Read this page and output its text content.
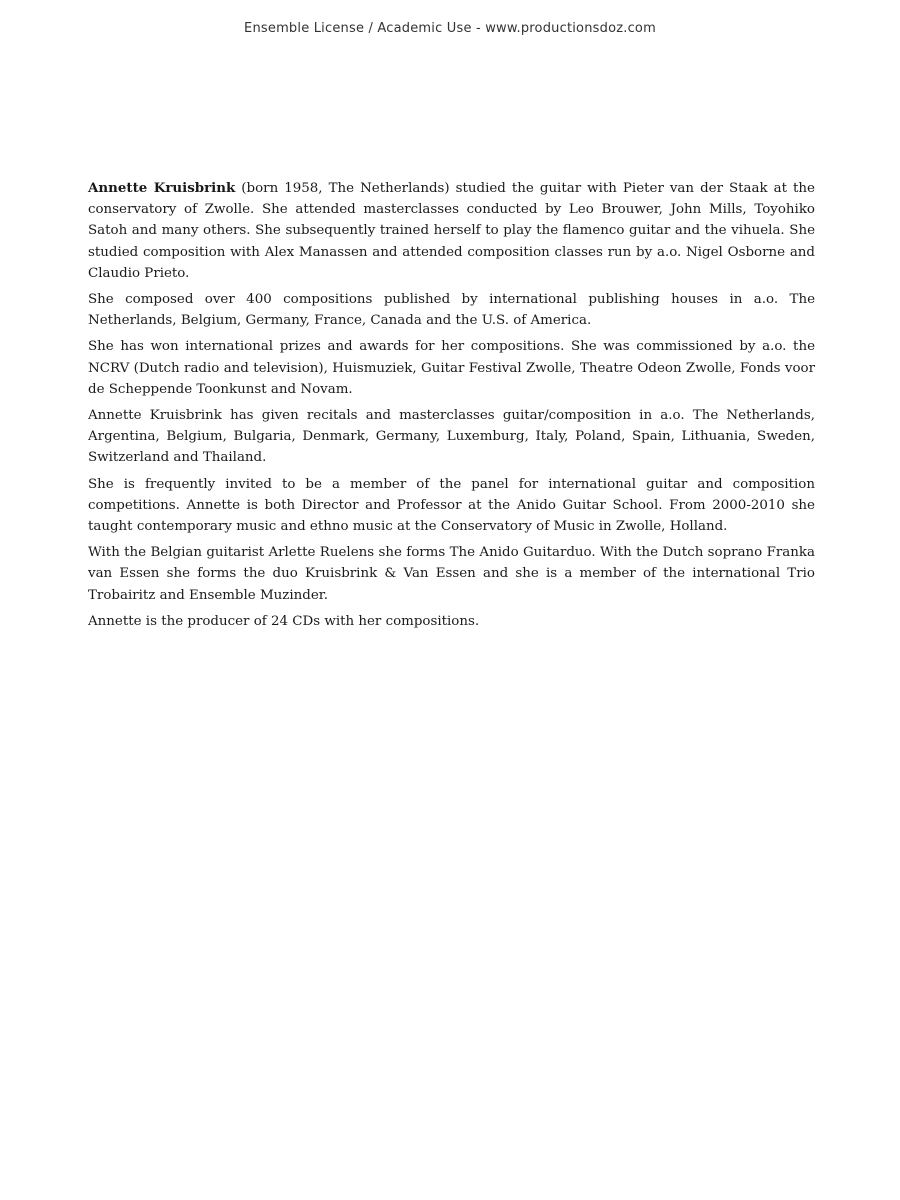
Ensemble License / Academic Use - www.productionsdoz.com

Annette Kruisbrink (born 1958, The Netherlands) studied the guitar with Pieter van der Staak at the conservatory of Zwolle. She attended masterclasses conducted by Leo Brouwer, John Mills, Toyohiko Satoh and many others. She subsequently trained herself to play the flamenco guitar and the vihuela. She studied composition with Alex Manassen and attended composition classes run by a.o. Nigel Osborne and Claudio Prieto.

She composed over 400 compositions published by international publishing houses in a.o. The Netherlands, Belgium, Germany, France, Canada and the U.S. of America.

She has won international prizes and awards for her compositions. She was commissioned by a.o. the NCRV (Dutch radio and television), Huismuziek, Guitar Festival Zwolle, Theatre Odeon Zwolle, Fonds voor de Scheppende Toonkunst and Novam.

Annette Kruisbrink has given recitals and masterclasses guitar/composition in a.o. The Netherlands, Argentina, Belgium, Bulgaria, Denmark, Germany, Luxemburg, Italy, Poland, Spain, Lithuania, Sweden, Switzerland and Thailand.

She is frequently invited to be a member of the panel for international guitar and composition competitions. Annette is both Director and Professor at the Anido Guitar School. From 2000-2010 she taught contemporary music and ethno music at the Conservatory of Music in Zwolle, Holland.

With the Belgian guitarist Arlette Ruelens she forms The Anido Guitarduo. With the Dutch soprano Franka van Essen she forms the duo Kruisbrink & Van Essen and she is a member of the international Trio Trobairitz and Ensemble Muzinder.

Annette is the producer of 24 CDs with her compositions.
